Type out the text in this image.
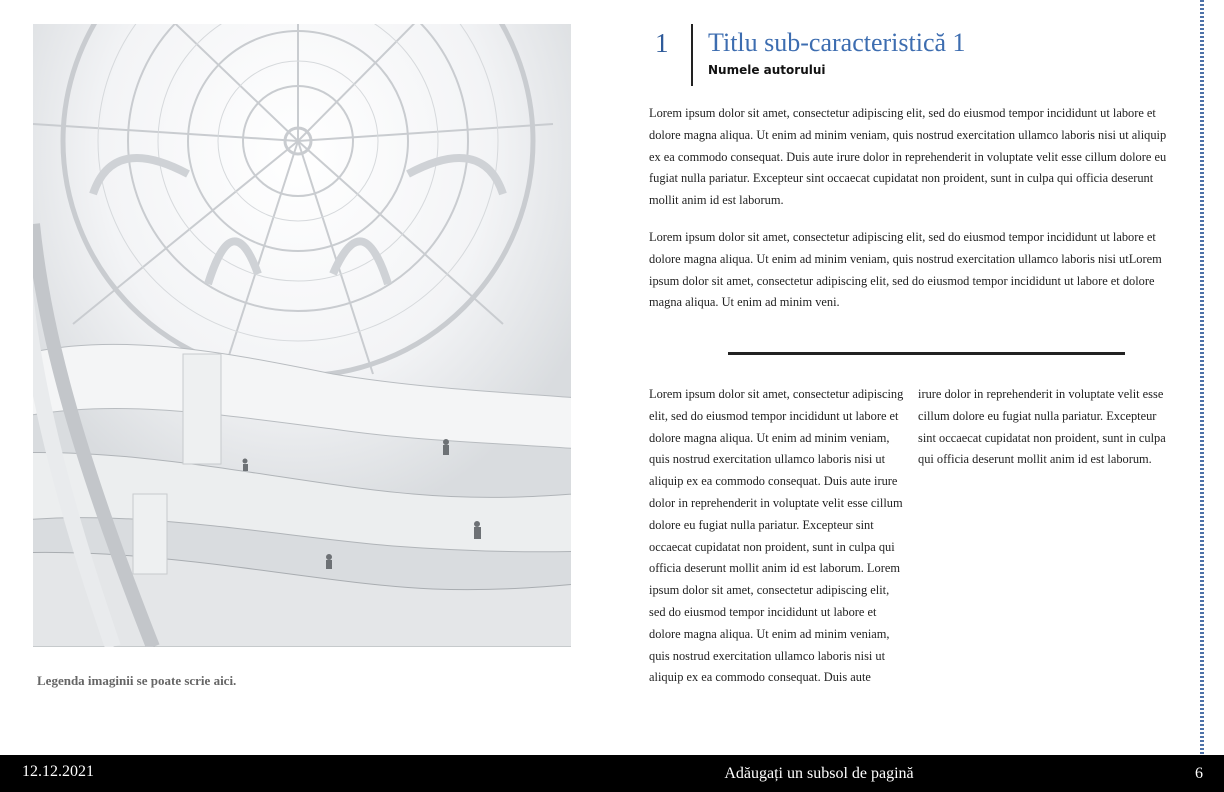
Legenda imaginii se poate scrie aici.
1 Titlu sub-caracteristică 1
Numele autorului

Lorem ipsum dolor sit amet, consectetur adipiscing elit, sed do eiusmod tempor incididunt ut labore et dolore magna aliqua. Ut enim ad minim veniam, quis nostrud exercitation ullamco laboris nisi ut aliquip ex ea commodo consequat. Duis aute irure dolor in reprehenderit in voluptate velit esse cillum dolore eu fugiat nulla pariatur. Excepteur sint occaecat cupidatat non proident, sunt in culpa qui officia deserunt mollit anim id est laborum.

Lorem ipsum dolor sit amet, consectetur adipiscing elit, sed do eiusmod tempor incididunt ut labore et dolore magna aliqua. Ut enim ad minim veniam, quis nostrud exercitation ullamco laboris nisi utLorem ipsum dolor sit amet, consectetur adipiscing elit, sed do eiusmod tempor incididunt ut labore et dolore magna aliqua. Ut enim ad minim veni.

Lorem ipsum dolor sit amet, consectetur adipiscing elit, sed do eiusmod tempor incididunt ut labore et dolore magna aliqua. Ut enim ad minim veniam, quis nostrud exercitation ullamco laboris nisi ut aliquip ex ea commodo consequat. Duis aute irure dolor in reprehenderit in voluptate velit esse cillum dolore eu fugiat nulla pariatur. Excepteur sint occaecat cupidatat non proident, sunt in culpa qui officia deserunt mollit anim id est laborum. Lorem ipsum dolor sit amet, consectetur adipiscing elit, sed do eiusmod tempor incididunt ut labore et dolore magna aliqua. Ut enim ad minim veniam, quis nostrud exercitation ullamco laboris nisi ut aliquip ex ea commodo consequat. Duis aute

irure dolor in reprehenderit in voluptate velit esse cillum dolore eu fugiat nulla pariatur. Excepteur sint occaecat cupidatat non proident, sunt in culpa qui officia deserunt mollit anim id est laborum.

12.12.2021	Adăugați un subsol de pagină	6
